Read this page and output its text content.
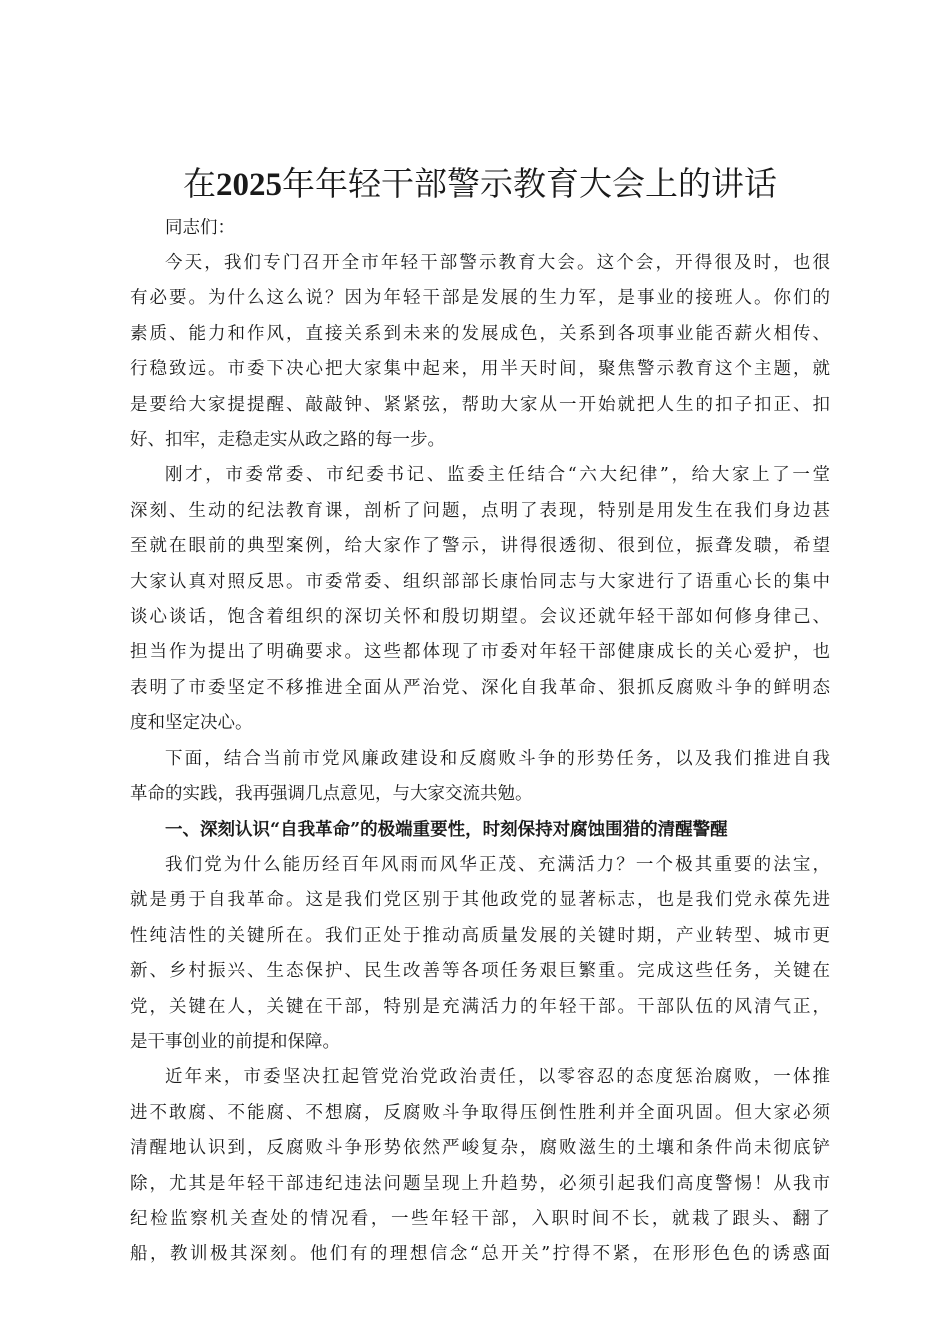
在2025年年轻干部警示教育大会上的讲话

同志们：

今天，我们专门召开全市年轻干部警示教育大会。这个会，开得很及时，也很
有必要。为什么这么说？因为年轻干部是发展的生力军，是事业的接班人。你们的
素质、能力和作风，直接关系到未来的发展成色，关系到各项事业能否薪火相传、
行稳致远。市委下决心把大家集中起来，用半天时间，聚焦警示教育这个主题，就
是要给大家提提醒、敲敲钟、紧紧弦，帮助大家从一开始就把人生的扣子扣正、扣
好、扣牢，走稳走实从政之路的每一步。

刚才，市委常委、市纪委书记、监委主任结合“六大纪律”，给大家上了一堂
深刻、生动的纪法教育课，剖析了问题，点明了表现，特别是用发生在我们身边甚
至就在眼前的典型案例，给大家作了警示，讲得很透彻、很到位，振聋发聩，希望
大家认真对照反思。市委常委、组织部部长康怡同志与大家进行了语重心长的集中
谈心谈话，饱含着组织的深切关怀和殷切期望。会议还就年轻干部如何修身律己、
担当作为提出了明确要求。这些都体现了市委对年轻干部健康成长的关心爱护，也
表明了市委坚定不移推进全面从严治党、深化自我革命、狠抓反腐败斗争的鲜明态
度和坚定决心。

下面，结合当前市党风廉政建设和反腐败斗争的形势任务，以及我们推进自我
革命的实践，我再强调几点意见，与大家交流共勉。

一、深刻认识“自我革命”的极端重要性，时刻保持对腐蚀围猎的清醒警醒

我们党为什么能历经百年风雨而风华正茂、充满活力？一个极其重要的法宝，
就是勇于自我革命。这是我们党区别于其他政党的显著标志，也是我们党永葆先进
性纯洁性的关键所在。我们正处于推动高质量发展的关键时期，产业转型、城市更
新、乡村振兴、生态保护、民生改善等各项任务艰巨繁重。完成这些任务，关键在
党，关键在人，关键在干部，特别是充满活力的年轻干部。干部队伍的风清气正，
是干事创业的前提和保障。

近年来，市委坚决扛起管党治党政治责任，以零容忍的态度惩治腐败，一体推
进不敢腐、不能腐、不想腐，反腐败斗争取得压倒性胜利并全面巩固。但大家必须
清醒地认识到，反腐败斗争形势依然严峻复杂，腐败滋生的土壤和条件尚未彻底铲
除，尤其是年轻干部违纪违法问题呈现上升趋势，必须引起我们高度警惕！从我市
纪检监察机关查处的情况看，一些年轻干部，入职时间不长，就栽了跟头、翻了
船，教训极其深刻。他们有的理想信念“总开关”拧得不紧，在形形色色的诱惑面
